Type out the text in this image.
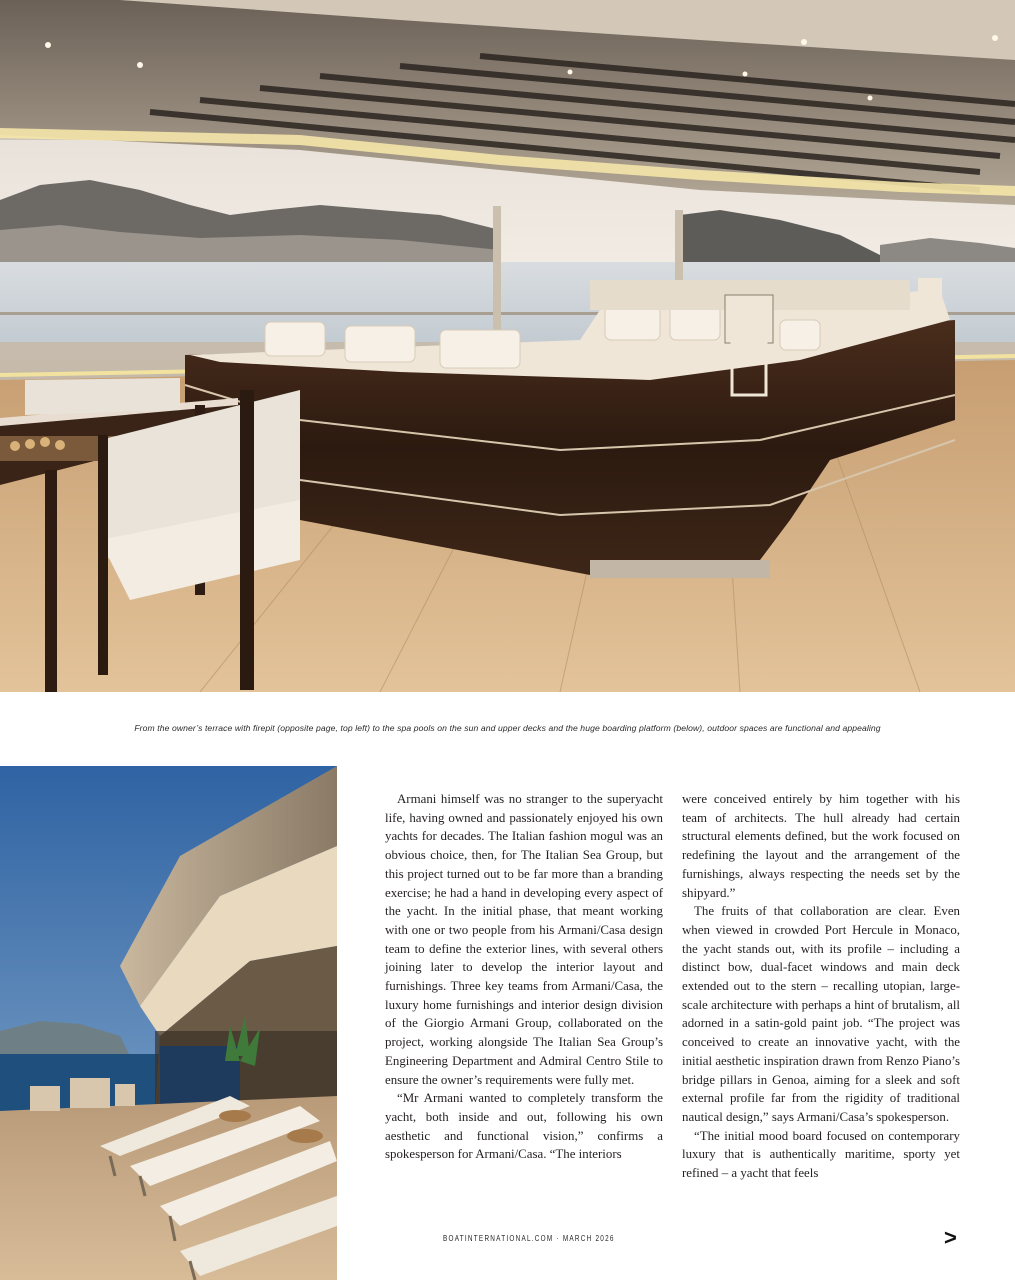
From the owner’s terrace with firepit (opposite page, top left) to the spa pools on the sun and upper decks and the huge boarding platform (below), outdoor spaces are functional and appealing

Armani himself was no stranger to the superyacht life, having owned and passionately enjoyed his own yachts for decades. The Italian fashion mogul was an obvious choice, then, for The Italian Sea Group, but this project turned out to be far more than a branding exercise; he had a hand in developing every aspect of the yacht. In the initial phase, that meant working with one or two people from his Armani/Casa design team to define the exterior lines, with several others joining later to develop the interior layout and furnishings. Three key teams from Armani/Casa, the luxury home furnishings and interior design division of the Giorgio Armani Group, collaborated on the project, working alongside The Italian Sea Group’s Engineering Department and Admiral Centro Stile to ensure the owner’s requirements were fully met.

“Mr Armani wanted to completely transform the yacht, both inside and out, following his own aesthetic and functional vision,” confirms a spokesperson for Armani/Casa. “The interiors

were conceived entirely by him together with his team of architects. The hull already had certain structural elements defined, but the work focused on redefining the layout and the arrangement of the furnishings, always respecting the needs set by the shipyard.”

The fruits of that collaboration are clear. Even when viewed in crowded Port Hercule in Monaco, the yacht stands out, with its profile – including a distinct bow, dual-facet windows and main deck extended out to the stern – recalling utopian, large-scale architecture with perhaps a hint of brutalism, all adorned in a satin-gold paint job. “The project was conceived to create an innovative yacht, with the initial aesthetic inspiration drawn from Renzo Piano’s bridge pillars in Genoa, aiming for a sleek and soft external profile far from the rigidity of traditional nautical design,” says Armani/Casa’s spokesperson.

“The initial mood board focused on contemporary luxury that is authentically maritime, sporty yet refined – a yacht that feels

BOATINTERNATIONAL.COM · MARCH 2026	>
